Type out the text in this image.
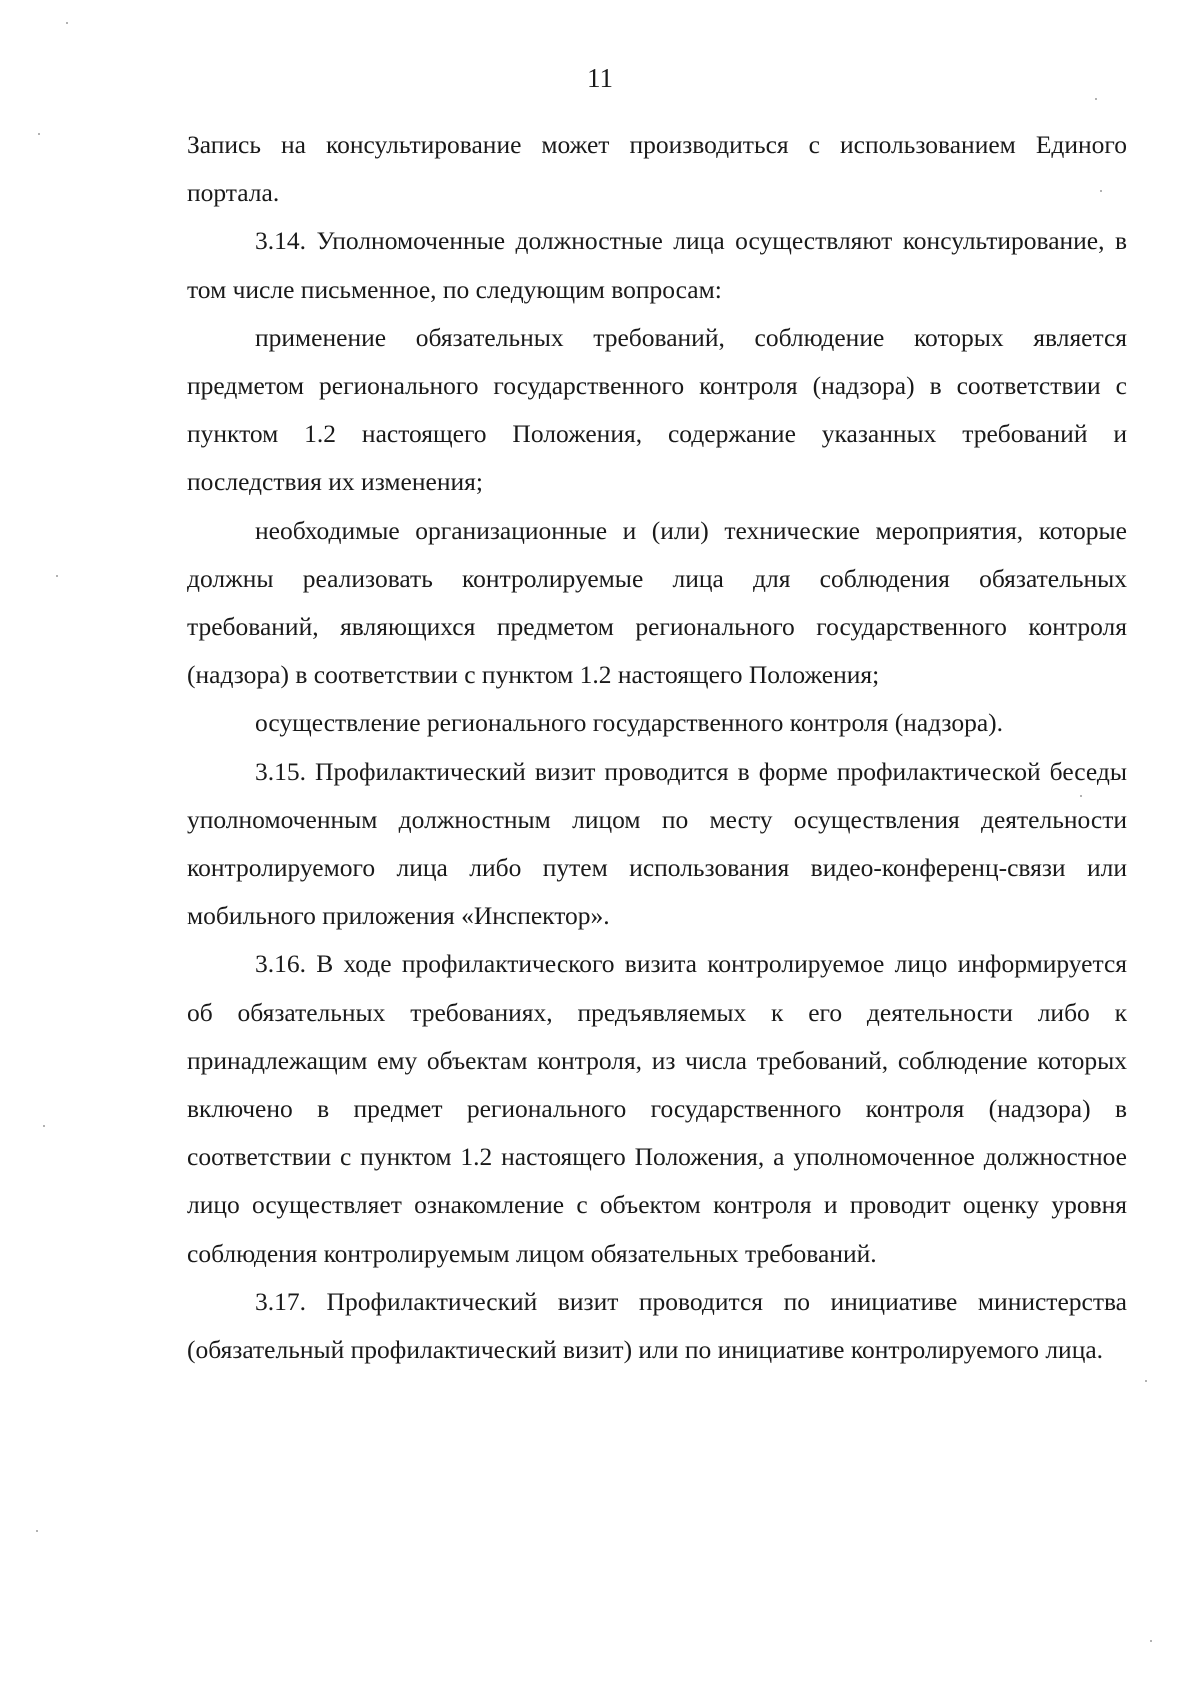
11

Запись на консультирование может производиться с использованием Единого портала.

3.14. Уполномоченные должностные лица осуществляют консультирование, в том числе письменное, по следующим вопросам:

применение обязательных требований, соблюдение которых является предметом регионального государственного контроля (надзора) в соответствии с пунктом 1.2 настоящего Положения, содержание указанных требований и последствия их изменения;

необходимые организационные и (или) технические мероприятия, которые должны реализовать контролируемые лица для соблюдения обязательных требований, являющихся предметом регионального государственного контроля (надзора) в соответствии с пунктом 1.2 настоящего Положения;

осуществление регионального государственного контроля (надзора).

3.15. Профилактический визит проводится в форме профилактической беседы уполномоченным должностным лицом по месту осуществления деятельности контролируемого лица либо путем использования видео-конференц-связи или мобильного приложения «Инспектор».

3.16. В ходе профилактического визита контролируемое лицо информируется об обязательных требованиях, предъявляемых к его деятельности либо к принадлежащим ему объектам контроля, из числа требований, соблюдение которых включено в предмет регионального государственного контроля (надзора) в соответствии с пунктом 1.2 настоящего Положения, а уполномоченное должностное лицо осуществляет ознакомление с объектом контроля и проводит оценку уровня соблюдения контролируемым лицом обязательных требований.

3.17. Профилактический визит проводится по инициативе министерства (обязательный профилактический визит) или по инициативе контролируемого лица.
